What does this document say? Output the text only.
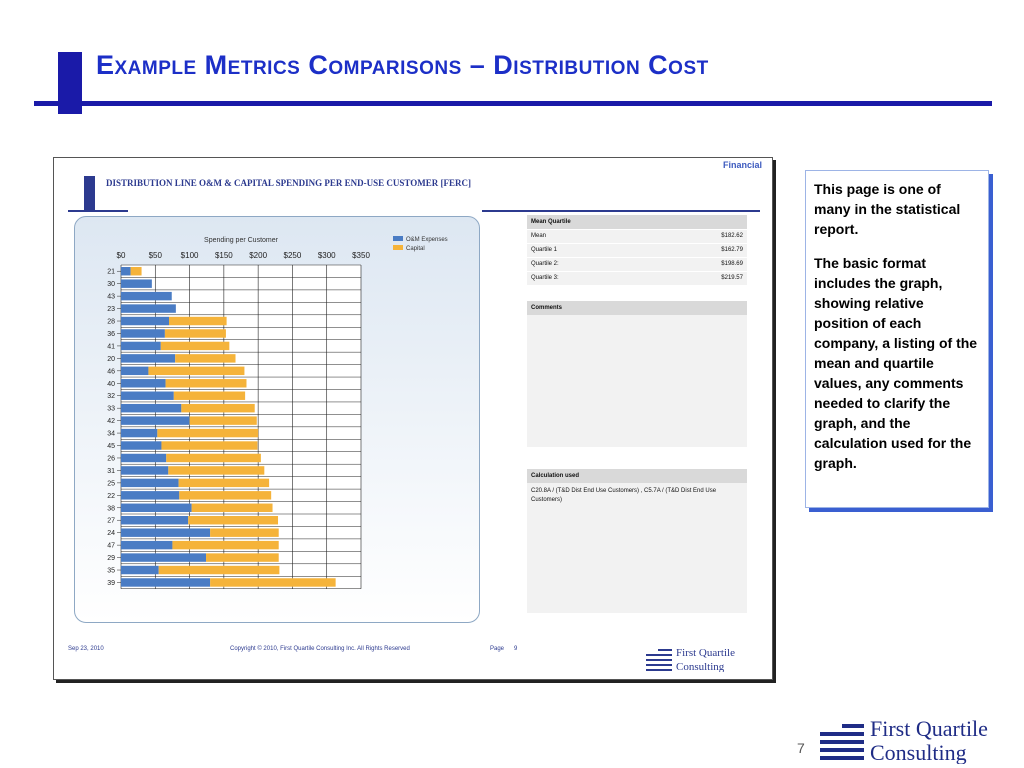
Example Metrics Comparisons – Distribution Cost
Financial
DISTRIBUTION LINE O&M & CAPITAL SPENDING PER END-USE CUSTOMER [FERC]
Spending per Customer
$0	$50 $100 $150 $200 $250 $300 $350
21
30
43
23
28
36
41
20
46
40
32
33
42
34
45
26
31
25
22
38
27
24
47
29
35
39
O&M Expenses
Capital
Mean Quartile
Mean	$182.62
Quartile 1	$162.79
Quartile 2:	$198.69
Quartile 3:	$219.57
Comments
Calculation used
C20.8A / (T&D Dist End Use Customers) , C5.7A / (T&D Dist End Use Customers)
Sep 23, 2010	Copyright © 2010, First Quartile Consulting Inc. All Rights Reserved	Page 9	First Quartile
Consulting

This page is one of many in the statistical report.

The basic format includes the graph, showing relative position of each company, a listing of the mean and quartile values, any comments needed to clarify the graph, and the calculation used for the graph.

7
First Quartile
Consulting
